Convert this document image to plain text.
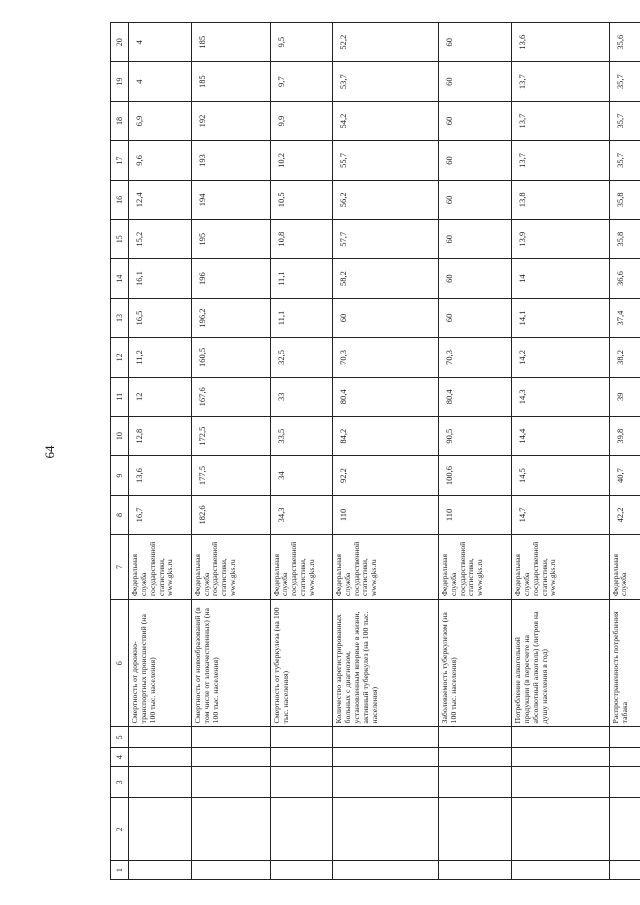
64
1	2	3	4	5	6	7	8	9	10	11	12	13	14	15	16	17	18	19	20
					Смертность от дорожно-транспортных происшествий (на 100 тыс. населения)	Федеральная служба государственной статистики, www.gks.ru	16,7	13,6	12,8	12	11,2	16,5	16,1	15,2	12,4	9,6	6,9	4	4
					Смертность от новообразований (в том числе от злокачественных) (на 100 тыс. населения)	Федеральная служба государственной статистики, www.gks.ru	182,6	177,5	172,5	167,6	160,5	196,2	196	195	194	193	192	185	185
					Смертность от туберкулеза (на 100 тыс. населения)	Федеральная служба государственной статистики, www.gks.ru	34,3	34	33,5	33	32,5	11,1	11,1	10,8	10,5	10,2	9,9	9,7	9,5
					Количество зарегистрированных больных с диагнозом, установленным впервые в жизни, активный туберкулез (на 100 тыс. населения)	Федеральная служба государственной статистики, www.gks.ru	110	92,2	84,2	80,4	70,3	60	58,2	57,7	56,2	55,7	54,2	53,7	52,2
					Заболеваемость туберкулезом (на 100 тыс. населения)	Федеральная служба государственной статистики, www.gks.ru	110	100,6	90,5	80,4	70,3	60	60	60	60	60	60	60	60
					Потребление алкогольной продукции (в пересчете на абсолютный алкоголь) (литров на душу населения в год)	Федеральная служба государственной статистики, www.gks.ru	14,7	14,5	14,4	14,3	14,2	14,1	14	13,9	13,8	13,7	13,7	13,7	13,6
					Распространенность потребления табака	Федеральная служба	42,2	40,7	39,8	39	38,2	37,4	36,6	35,8	35,8	35,7	35,7	35,7	35,6
